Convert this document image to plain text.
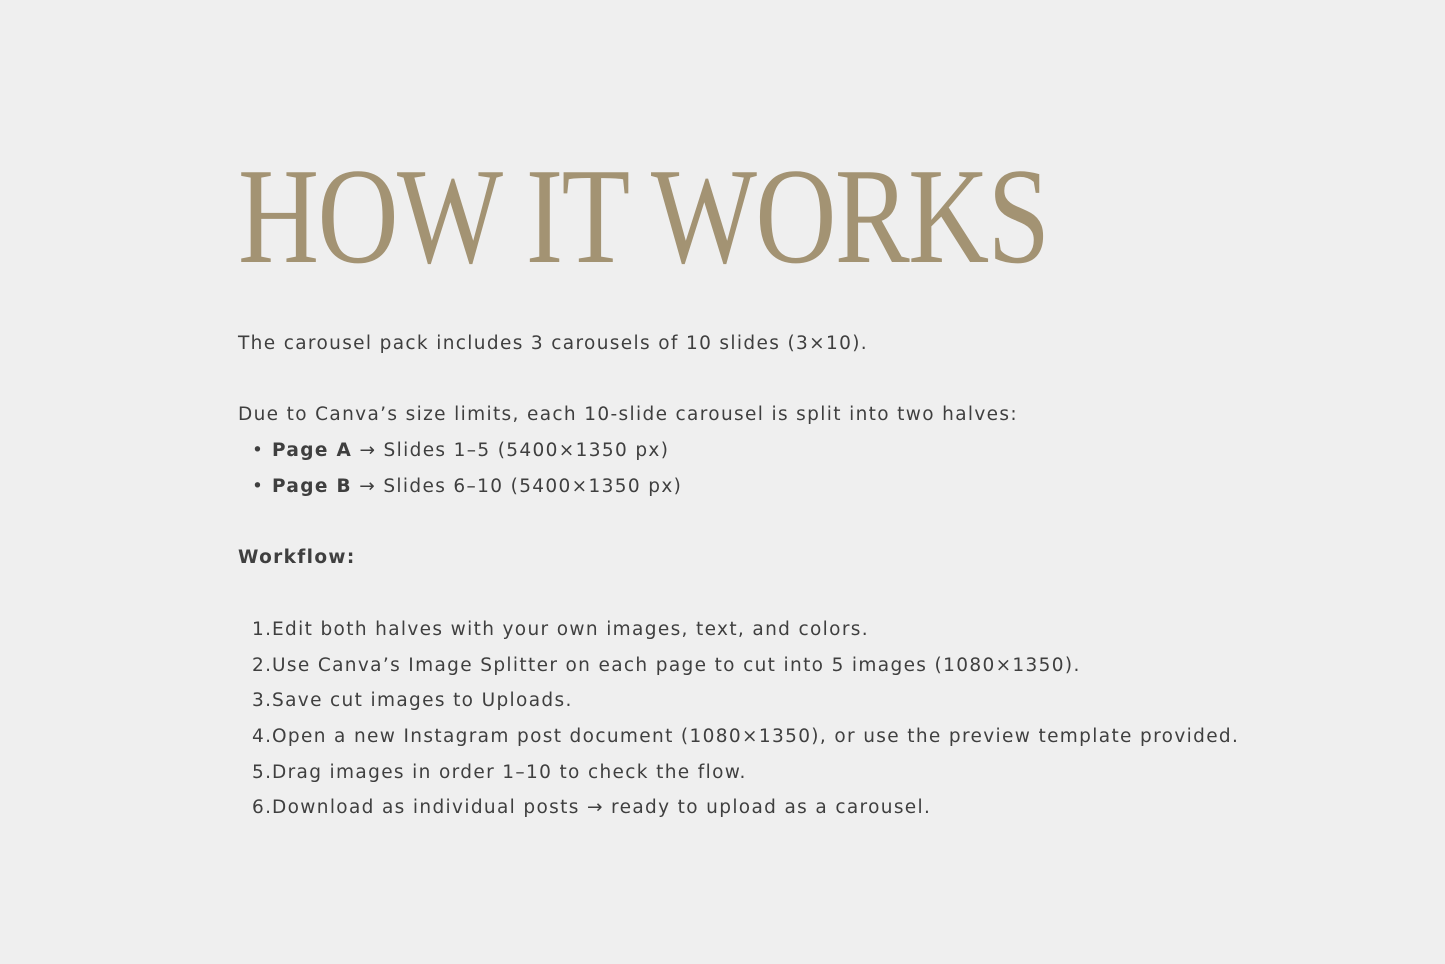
HOW IT WORKS

The carousel pack includes 3 carousels of 10 slides (3×10).

Due to Canva’s size limits, each 10-slide carousel is split into two halves:

• Page A → Slides 1–5 (5400×1350 px)
• Page B → Slides 6–10 (5400×1350 px)

Workflow:

1.Edit both halves with your own images, text, and colors.
2.Use Canva’s Image Splitter on each page to cut into 5 images (1080×1350).
3.Save cut images to Uploads.
4.Open a new Instagram post document (1080×1350), or use the preview template provided.
5.Drag images in order 1–10 to check the flow.
6.Download as individual posts → ready to upload as a carousel.
